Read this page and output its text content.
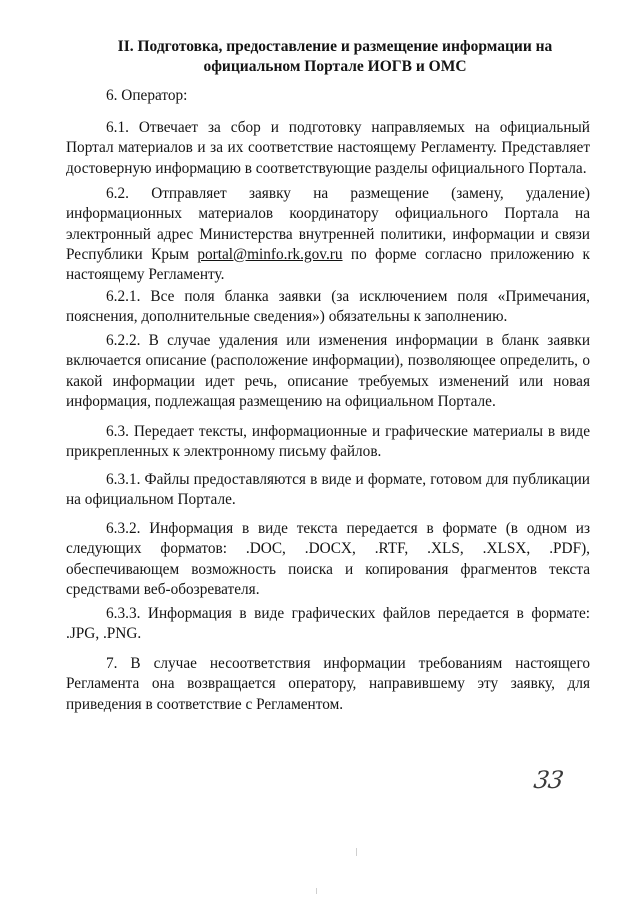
II. Подготовка, предоставление и размещение информации на
официальном Портале ИОГВ и ОМС

6. Оператор:

6.1. Отвечает за сбор и подготовку направляемых на официальный Портал материалов и за их соответствие настоящему Регламенту. Представляет достоверную информацию в соответствующие разделы официального Портала.

6.2. Отправляет заявку на размещение (замену, удаление) информационных материалов координатору официального Портала на электронный адрес Министерства внутренней политики, информации и связи Республики Крым portal@minfo.rk.gov.ru по форме согласно приложению к настоящему Регламенту.

6.2.1. Все поля бланка заявки (за исключением поля «Примечания, пояснения, дополнительные сведения») обязательны к заполнению.

6.2.2. В случае удаления или изменения информации в бланк заявки включается описание (расположение информации), позволяющее определить, о какой информации идет речь, описание требуемых изменений или новая информация, подлежащая размещению на официальном Портале.

6.3. Передает тексты, информационные и графические материалы в виде прикрепленных к электронному письму файлов.

6.3.1. Файлы предоставляются в виде и формате, готовом для публикации на официальном Портале.

6.3.2. Информация в виде текста передается в формате (в одном из следующих форматов: .DOC, .DOCX, .RTF, .XLS, .XLSX, .PDF), обеспечивающем возможность поиска и копирования фрагментов текста средствами веб-обозревателя.

6.3.3. Информация в виде графических файлов передается в формате: .JPG, .PNG.

7. В случае несоответствия информации требованиям настоящего Регламента она возвращается оператору, направившему эту заявку, для приведения в соответствие с Регламентом.

33
